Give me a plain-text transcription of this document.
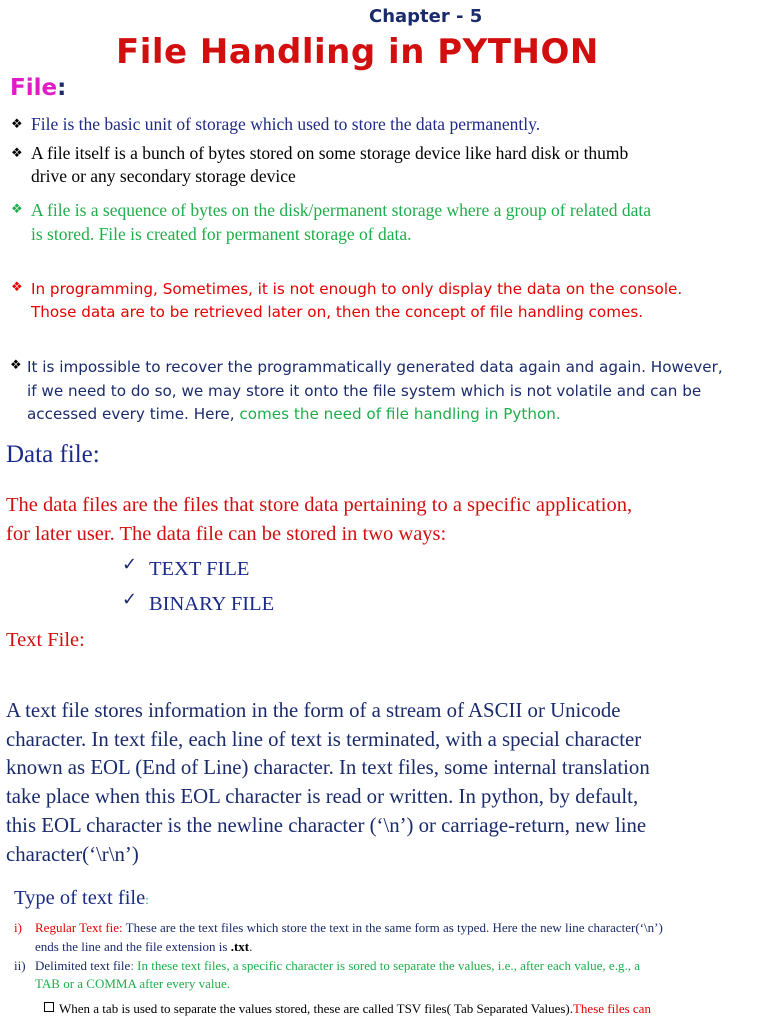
Chapter - 5
File Handling in PYTHON
File:
❖ File is the basic unit of storage which used to store the data permanently.
❖ A file itself is a bunch of bytes stored on some storage device like hard disk or thumb
drive or any secondary storage device
❖ A file is a sequence of bytes on the disk/permanent storage where a group of related data
is stored. File is created for permanent storage of data.
❖ In programming, Sometimes, it is not enough to only display the data on the console.
Those data are to be retrieved later on, then the concept of file handling comes.
❖ It is impossible to recover the programmatically generated data again and again. However,
if we need to do so, we may store it onto the file system which is not volatile and can be
accessed every time. Here, comes the need of file handling in Python.
Data file:
The data files are the files that store data pertaining to a specific application,
for later user. The data file can be stored in two ways:
✓ TEXT FILE
✓ BINARY FILE
Text File:
A text file stores information in the form of a stream of ASCII or Unicode
character. In text file, each line of text is terminated, with a special character
known as EOL (End of Line) character. In text files, some internal translation
take place when this EOL character is read or written. In python, by default,
this EOL character is the newline character (‘\n’) or carriage-return, new line
character(‘\r\n’)
Type of text file:
i) Regular Text fie: These are the text files which store the text in the same form as typed. Here the new line character(‘\n’)
ends the line and the file extension is .txt.
ii) Delimited text file: In these text files, a specific character is sored to separate the values, i.e., after each value, e.g., a
TAB or a COMMA after every value.
When a tab is used to separate the values stored, these are called TSV files( Tab Separated Values).These files can
